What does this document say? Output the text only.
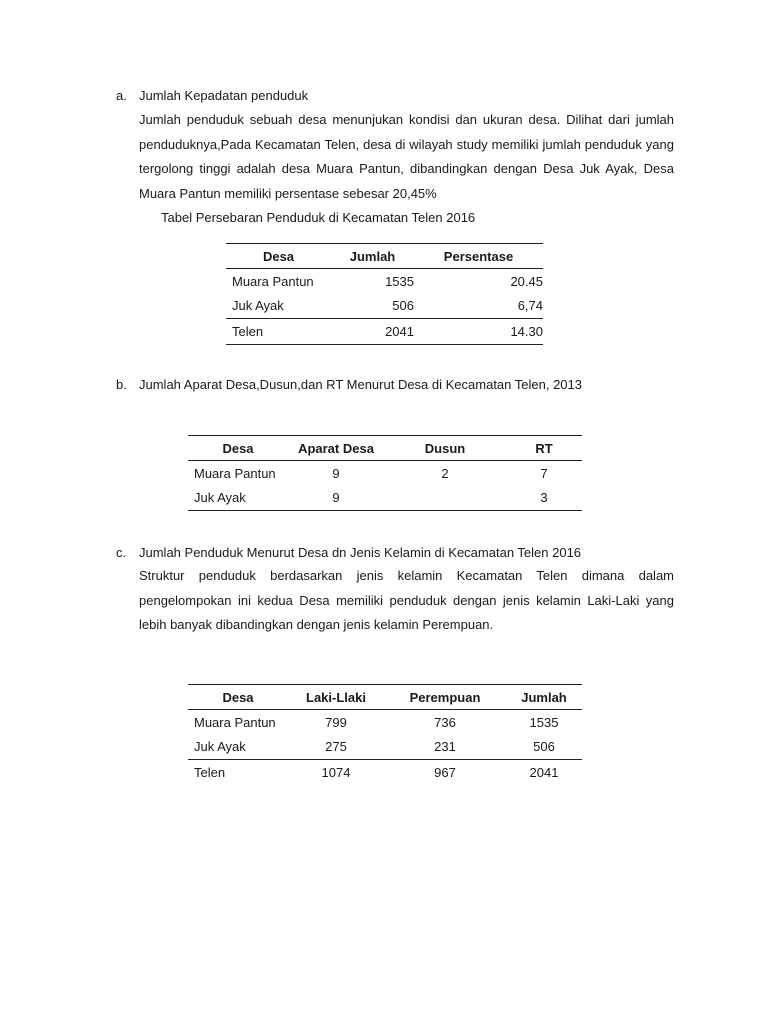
a. Jumlah Kepadatan penduduk
Jumlah penduduk sebuah desa menunjukan kondisi dan ukuran desa. Dilihat dari jumlah penduduknya,Pada Kecamatan Telen, desa di wilayah study memiliki jumlah penduduk yang tergolong tinggi adalah desa Muara Pantun, dibandingkan dengan Desa Juk Ayak, Desa Muara Pantun memiliki persentase sebesar 20,45%
Tabel Persebaran Penduduk di Kecamatan Telen 2016
Desa	Jumlah	Persentase
Muara Pantun	1535	20.45
Juk Ayak	506	6,74
Telen	2041	14.30
b. Jumlah Aparat Desa,Dusun,dan RT Menurut Desa di Kecamatan Telen, 2013
Desa	Aparat Desa	Dusun	RT
Muara Pantun	9	2	7
Juk Ayak	9		3
c. Jumlah Penduduk Menurut Desa dn Jenis Kelamin di Kecamatan Telen 2016
Struktur penduduk berdasarkan jenis kelamin Kecamatan Telen dimana dalam pengelompokan ini kedua Desa memiliki penduduk dengan jenis kelamin Laki-Laki yang lebih banyak dibandingkan dengan jenis kelamin Perempuan.
Desa	Laki-Llaki	Perempuan	Jumlah
Muara Pantun	799	736	1535
Juk Ayak	275	231	506
Telen	1074	967	2041
